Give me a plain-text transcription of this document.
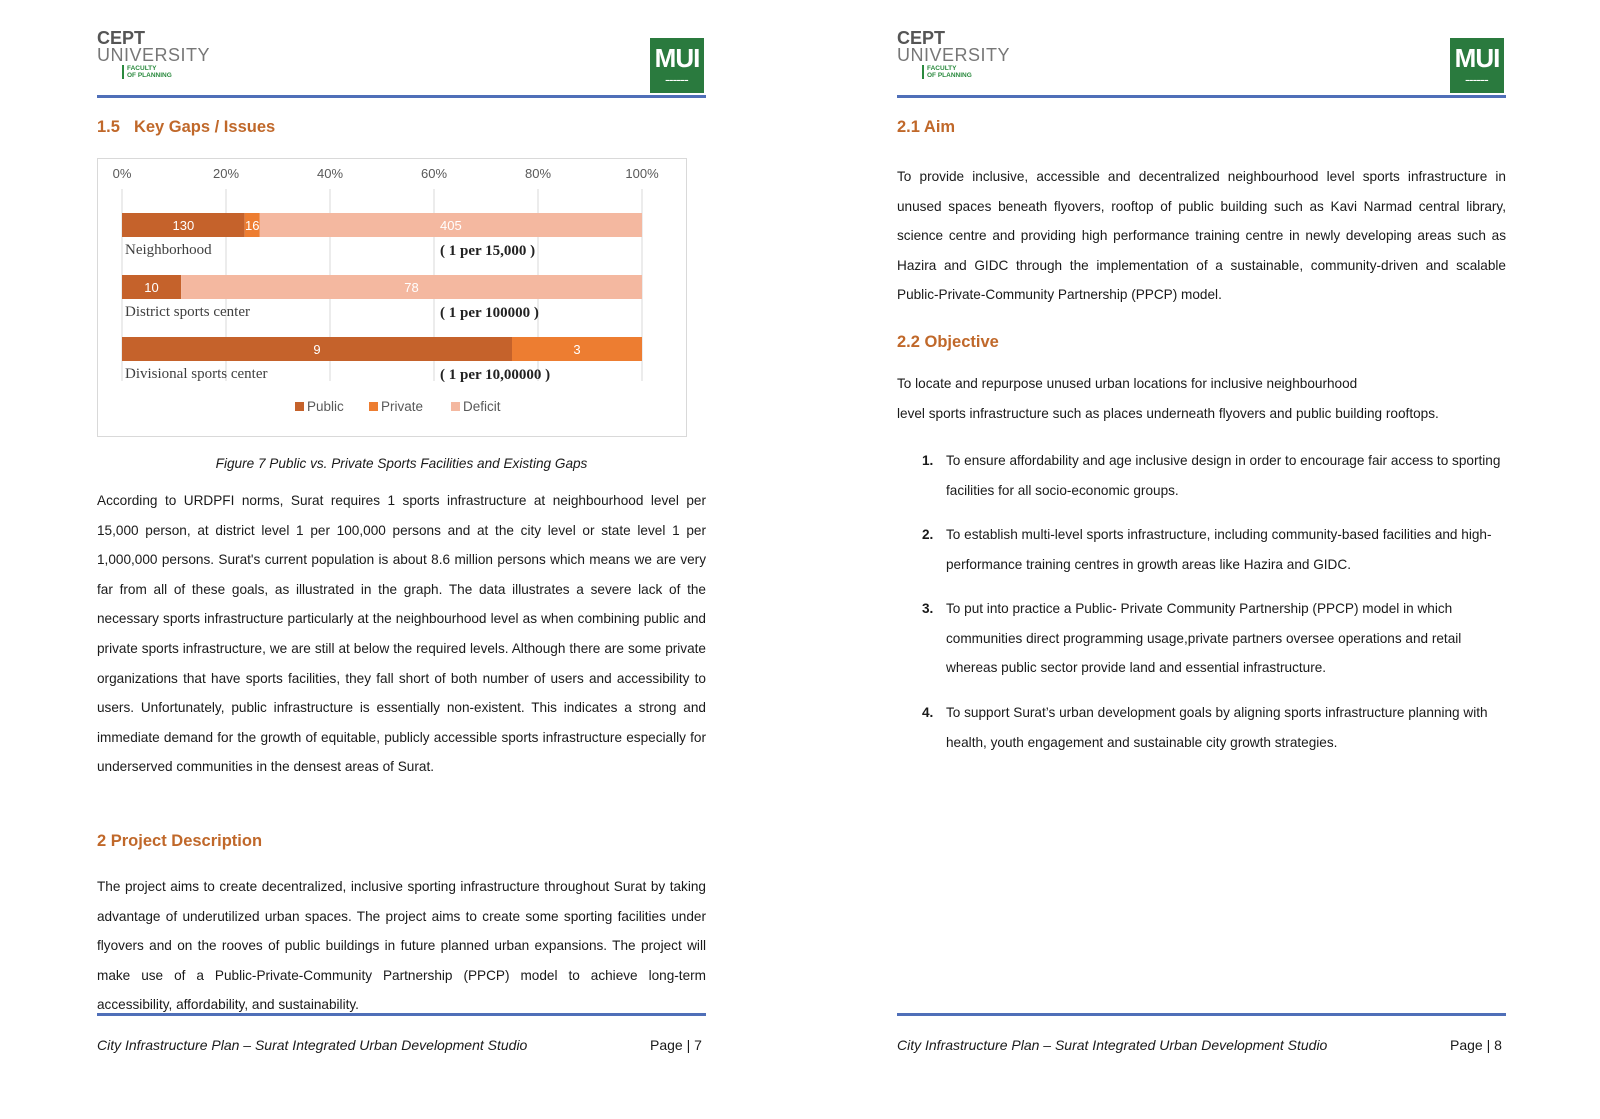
CEPT
UNIVERSITY
FACULTY
OF PLANNING
MUI
▬▬▬▬▬▬
1.5 Key Gaps / Issues
0%	20%	40%	60%	80%	100%
130	16	405
Neighborhood	( 1 per 15,000 )
10	78
District sports center	( 1 per 100000 )
9	3	0
Divisional sports center	( 1 per 10,00000 )
Public	Private	Deficit
Figure 7 Public vs. Private Sports Facilities and Existing Gaps
According to URDPFI norms, Surat requires 1 sports infrastructure at neighbourhood level per 15,000 person, at district level 1 per 100,000 persons and at the city level or state level 1 per 1,000,000 persons. Surat's current population is about 8.6 million persons which means we are very far from all of these goals, as illustrated in the graph. The data illustrates a severe lack of the necessary sports infrastructure particularly at the neighbourhood level as when combining public and private sports infrastructure, we are still at below the required levels. Although there are some private organizations that have sports facilities, they fall short of both number of users and accessibility to users. Unfortunately, public infrastructure is essentially non-existent. This indicates a strong and immediate demand for the growth of equitable, publicly accessible sports infrastructure especially for underserved communities in the densest areas of Surat.
2 Project Description
The project aims to create decentralized, inclusive sporting infrastructure throughout Surat by taking advantage of underutilized urban spaces. The project aims to create some sporting facilities under flyovers and on the rooves of public buildings in future planned urban expansions. The project will make use of a Public-Private-Community Partnership (PPCP) model to achieve long-term accessibility, affordability, and sustainability.
City Infrastructure Plan – Surat Integrated Urban Development Studio	Page | 7
CEPT
UNIVERSITY
FACULTY
OF PLANNING
MUI
▬▬▬▬▬▬
2.1 Aim
To provide inclusive, accessible and decentralized neighbourhood level sports infrastructure in unused spaces beneath flyovers, rooftop of public building such as Kavi Narmad central library, science centre and providing high performance training centre in newly developing areas such as Hazira and GIDC through the implementation of a sustainable, community-driven and scalable Public-Private-Community Partnership (PPCP) model.
2.2 Objective
To locate and repurpose unused urban locations for inclusive neighbourhood
level sports infrastructure such as places underneath flyovers and public building rooftops.
1. To ensure affordability and age inclusive design in order to encourage fair access to sporting facilities for all socio-economic groups.
2. To establish multi-level sports infrastructure, including community-based facilities and high-performance training centres in growth areas like Hazira and GIDC.
3. To put into practice a Public- Private Community Partnership (PPCP) model in which communities direct programming usage,private partners oversee operations and retail whereas public sector provide land and essential infrastructure.
4. To support Surat’s urban development goals by aligning sports infrastructure planning with health, youth engagement and sustainable city growth strategies.
City Infrastructure Plan – Surat Integrated Urban Development Studio	Page | 8
